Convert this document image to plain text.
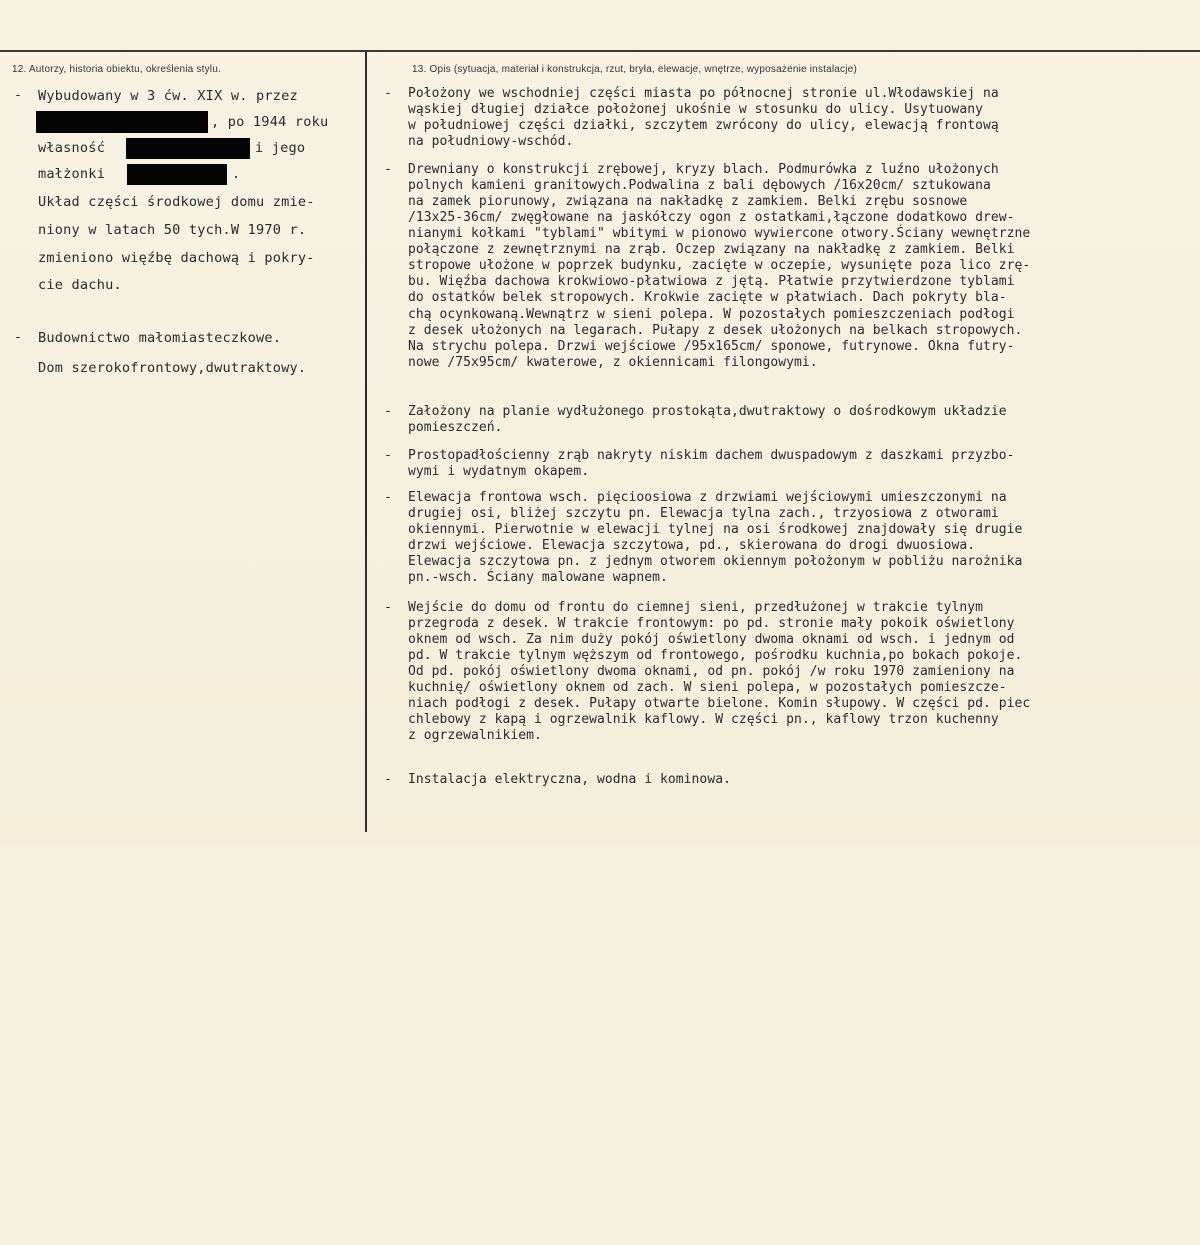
12. Autorzy, historia obiektu, określenia stylu.	13. Opis (sytuacja, materiał i konstrukcja, rzut, bryła, elewacje, wnętrze, wyposażenie instalacje)

-

Wybudowany w 3 ćw. XIX w. przez

, po 1944 roku

własność

	i jego

małżonki

	.

Układ części środkowej domu zmie-

niony w latach 50 tych.W 1970 r.

zmieniono więźbę dachową i pokry-

cie dachu.

-

Budownictwo małomiasteczkowe.

Dom szerokofrontowy,dwutraktowy.

-

Położony we wschodniej części miasta po północnej stronie ul.Włodawskiej na

wąskiej długiej działce położonej ukośnie w stosunku do ulicy. Usytuowany

w południowej części działki, szczytem zwrócony do ulicy, elewacją frontową

na południowy-wschód.

-

Drewniany o konstrukcji zrębowej, kryzy blach. Podmurówka z luźno ułożonych

polnych kamieni granitowych.Podwalina z bali dębowych /16x20cm/ sztukowana

na zamek piorunowy, związana na nakładkę z zamkiem. Belki zrębu sosnowe

/13x25-36cm/ zwęgłowane na jaskółczy ogon z ostatkami,łączone dodatkowo drew-

nianymi kołkami "tyblami" wbitymi w pionowo wywiercone otwory.Ściany wewnętrzne

połączone z zewnętrznymi na zrąb. Oczep związany na nakładkę z zamkiem. Belki

stropowe ułożone w poprzek budynku, zacięte w oczepie, wysunięte poza lico zrę-

bu. Więźba dachowa krokwiowo-płatwiowa z jętą. Płatwie przytwierdzone tyblami

do ostatków belek stropowych. Krokwie zacięte w płatwiach. Dach pokryty bla-

chą ocynkowaną.Wewnątrz w sieni polepa. W pozostałych pomieszczeniach podłogi

z desek ułożonych na legarach. Pułapy z desek ułożonych na belkach stropowych.

Na strychu polepa. Drzwi wejściowe /95x165cm/ sponowe, futrynowe. Okna futry-

nowe /75x95cm/ kwaterowe, z okiennicami filongowymi.

-

Założony na planie wydłużonego prostokąta,dwutraktowy o dośrodkowym układzie

pomieszczeń.

-

Prostopadłościenny zrąb nakryty niskim dachem dwuspadowym z daszkami przyzbo-

wymi i wydatnym okapem.

-

Elewacja frontowa wsch. pięcioosiowa z drzwiami wejściowymi umieszczonymi na

drugiej osi, bliżej szczytu pn. Elewacja tylna zach., trzyosiowa z otworami

okiennymi. Pierwotnie w elewacji tylnej na osi środkowej znajdowały się drugie

drzwi wejściowe. Elewacja szczytowa, pd., skierowana do drogi dwuosiowa.

Elewacja szczytowa pn. z jednym otworem okiennym położonym w pobliżu narożnika

pn.-wsch. Ściany malowane wapnem.

-

Wejście do domu od frontu do ciemnej sieni, przedłużonej w trakcie tylnym

przegroda z desek. W trakcie frontowym: po pd. stronie mały pokoik oświetlony

oknem od wsch. Za nim duży pokój oświetlony dwoma oknami od wsch. i jednym od

pd. W trakcie tylnym węższym od frontowego, pośrodku kuchnia,po bokach pokoje.

Od pd. pokój oświetlony dwoma oknami, od pn. pokój /w roku 1970 zamieniony na

kuchnię/ oświetlony oknem od zach. W sieni polepa, w pozostałych pomieszcze-

niach podłogi z desek. Pułapy otwarte bielone. Komin słupowy. W części pd. piec

chlebowy z kapą i ogrzewalnik kaflowy. W części pn., kaflowy trzon kuchenny

z ogrzewalnikiem.

-

Instalacja elektryczna, wodna i kominowa.
